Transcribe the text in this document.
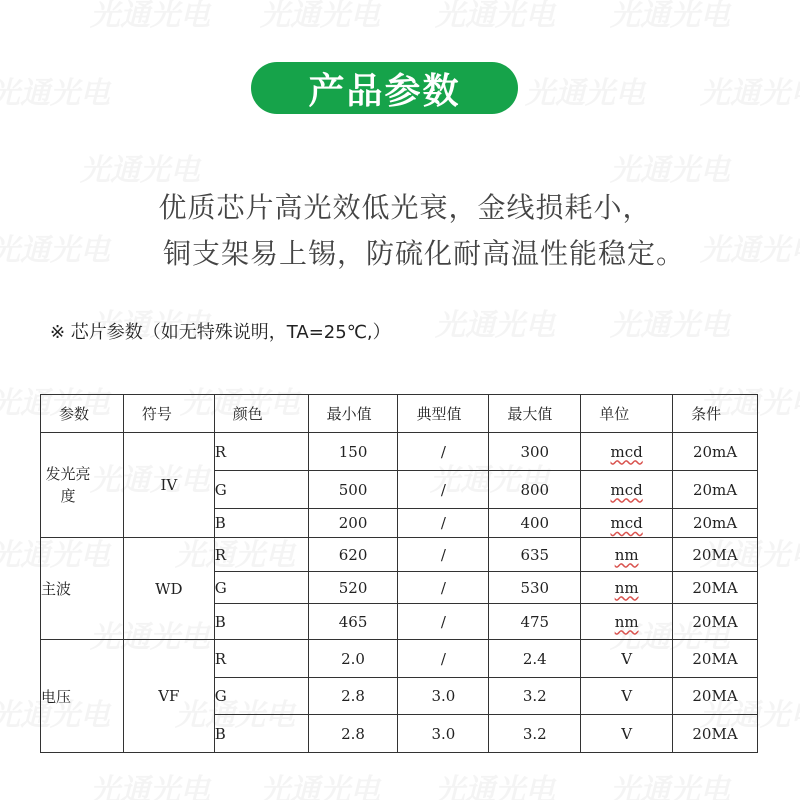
产品参数
优质芯片高光效低光衰，金线损耗小，
铜支架易上锡，防硫化耐高温性能稳定。
※ 芯片参数（如无特殊说明，TA=25℃,）
参数	符号	颜色	最小值	典型值	最大值	单位	条件
发光亮度	IV	R	150	/	300	mcd	20mA
		G	500	/	800	mcd	20mA
		B	200	/	400	mcd	20mA
主波	WD	R	620	/	635	nm	20MA
		G	520	/	530	nm	20MA
		B	465	/	475	nm	20MA
电压	VF	R	2.0	/	2.4	V	20MA
		G	2.8	3.0	3.2	V	20MA
		B	2.8	3.0	3.2	V	20MA
